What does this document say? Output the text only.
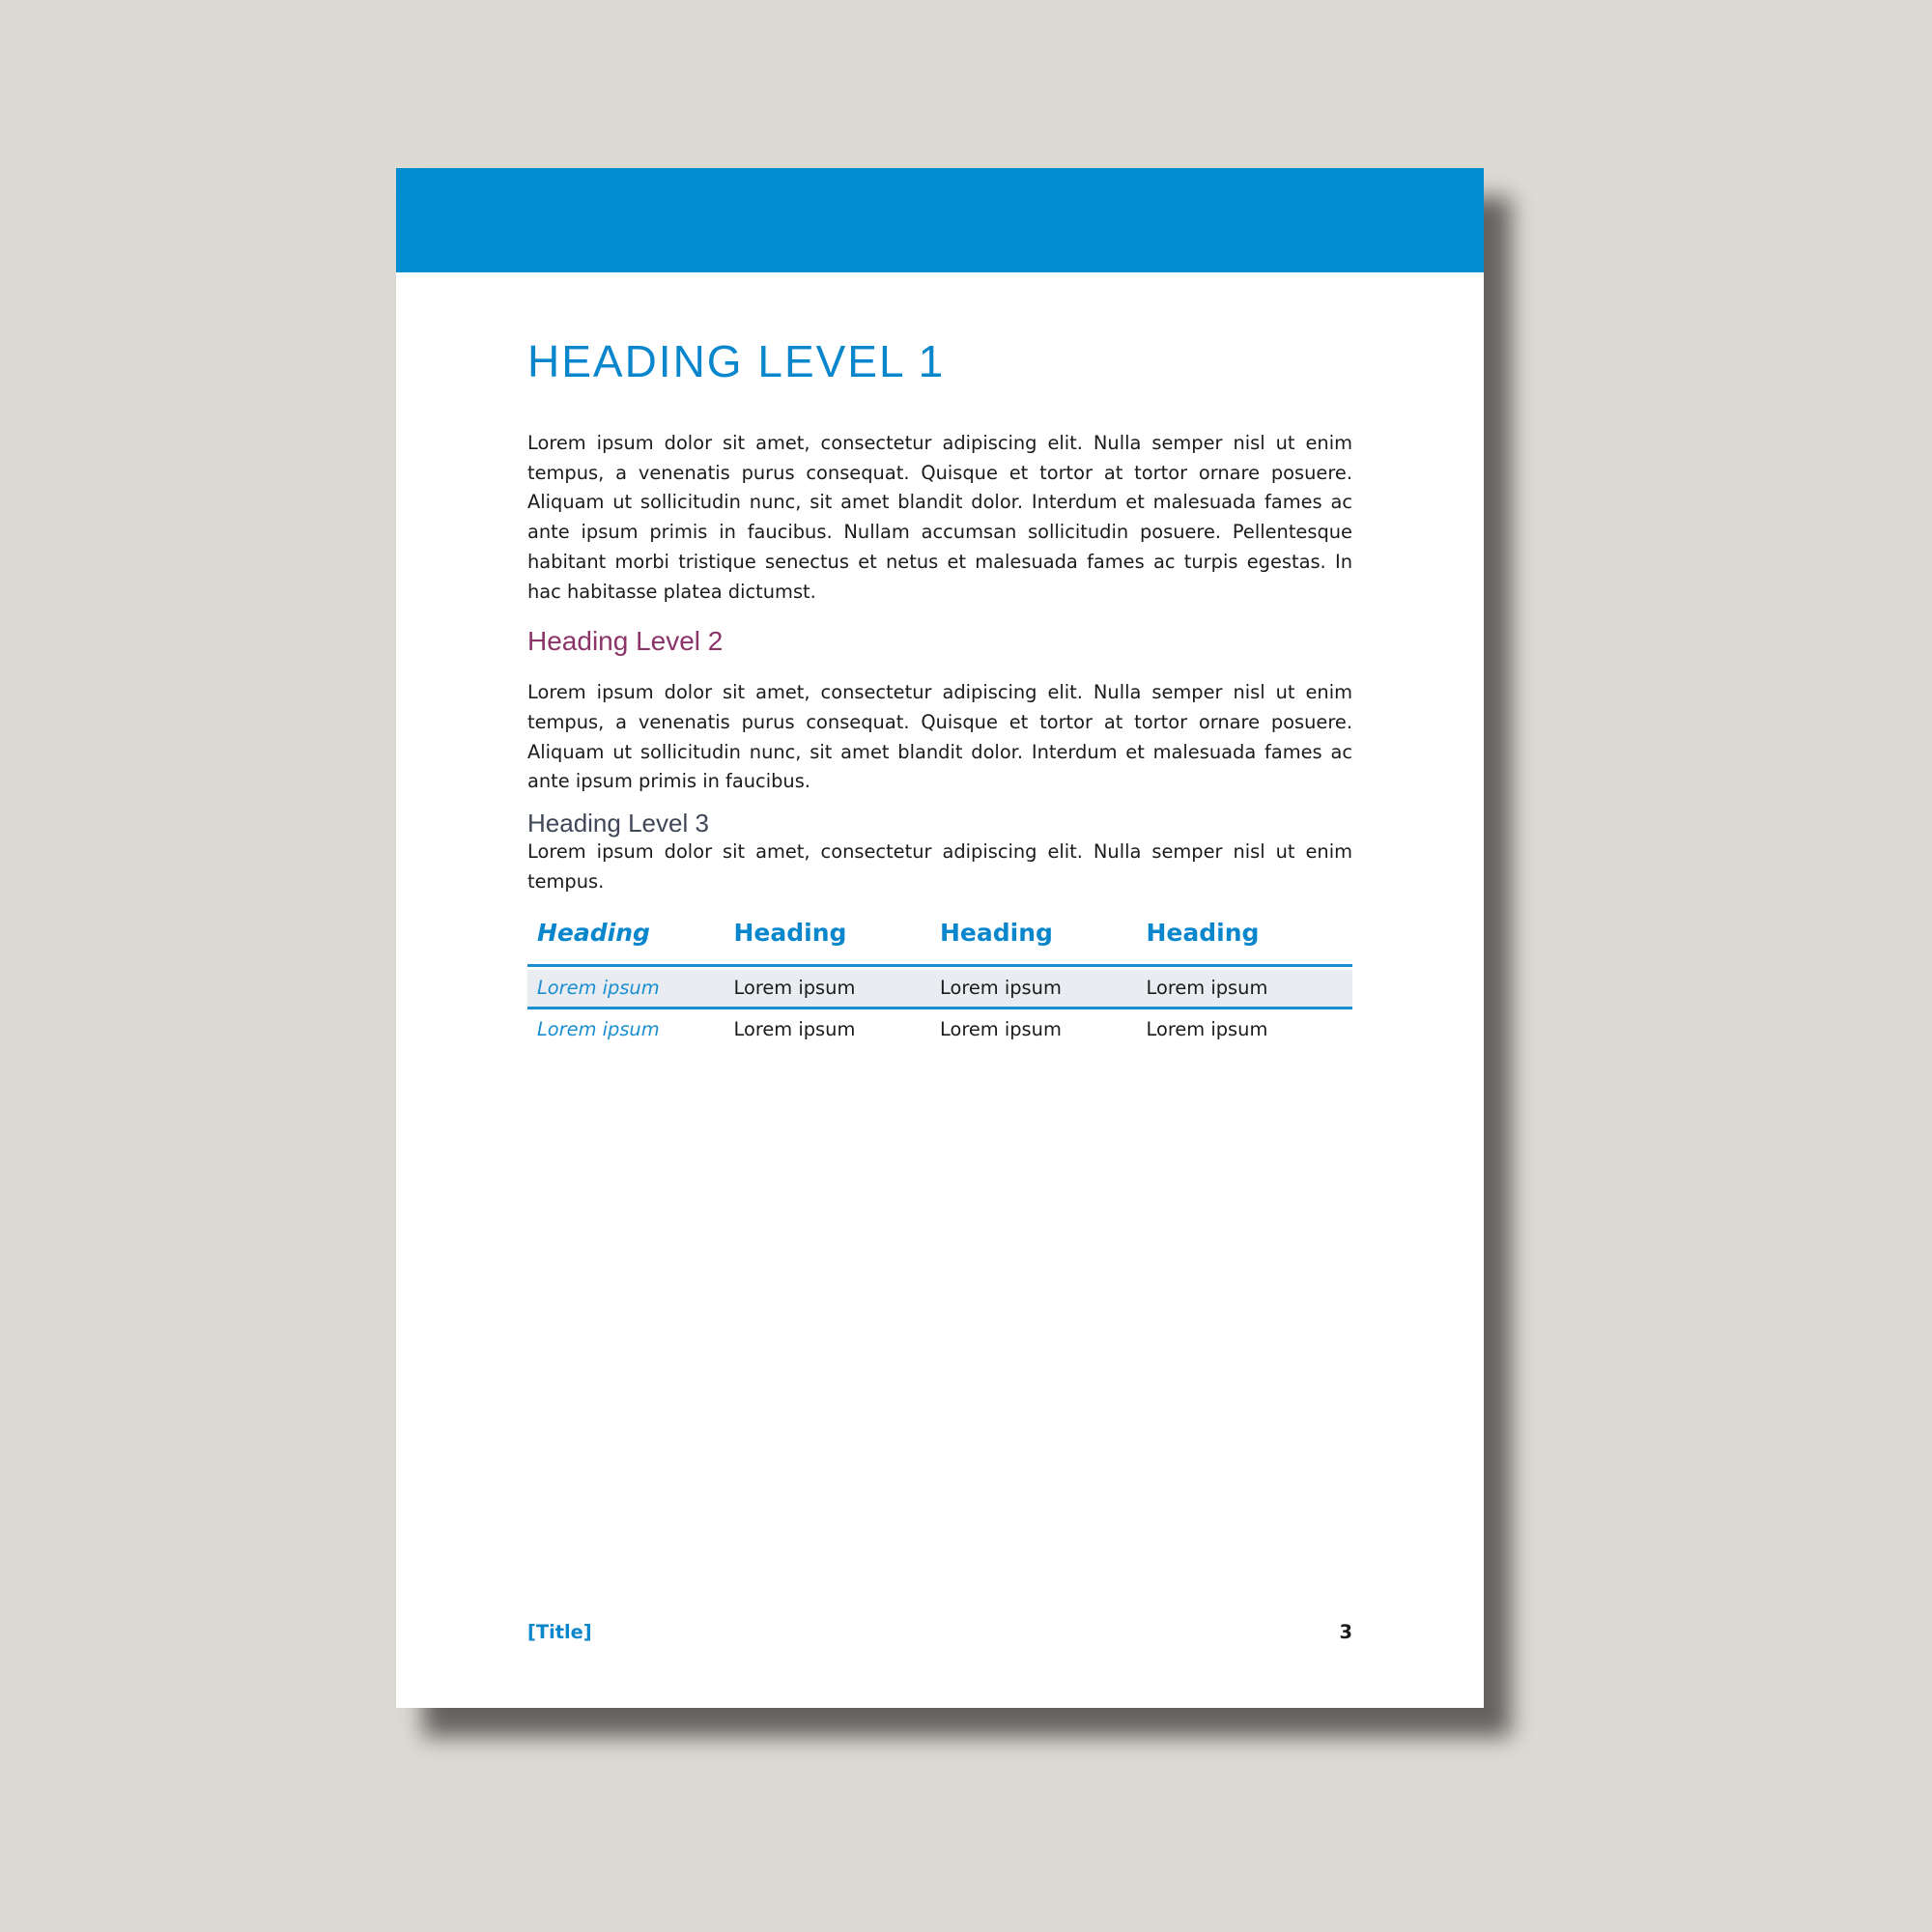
HEADING LEVEL 1

Lorem ipsum dolor sit amet, consectetur adipiscing elit. Nulla semper nisl ut enim tempus, a venenatis purus consequat. Quisque et tortor at tortor ornare posuere. Aliquam ut sollicitudin nunc, sit amet blandit dolor. Interdum et malesuada fames ac ante ipsum primis in faucibus. Nullam accumsan sollicitudin posuere. Pellentesque habitant morbi tristique senectus et netus et malesuada fames ac turpis egestas. In hac habitasse platea dictumst.

Heading Level 2

Lorem ipsum dolor sit amet, consectetur adipiscing elit. Nulla semper nisl ut enim tempus, a venenatis purus consequat. Quisque et tortor at tortor ornare posuere. Aliquam ut sollicitudin nunc, sit amet blandit dolor. Interdum et malesuada fames ac ante ipsum primis in faucibus.

Heading Level 3

Lorem ipsum dolor sit amet, consectetur adipiscing elit. Nulla semper nisl ut enim tempus.

Heading	Heading	Heading	Heading
Lorem ipsum	Lorem ipsum	Lorem ipsum	Lorem ipsum
Lorem ipsum	Lorem ipsum	Lorem ipsum	Lorem ipsum
[Title]	3
